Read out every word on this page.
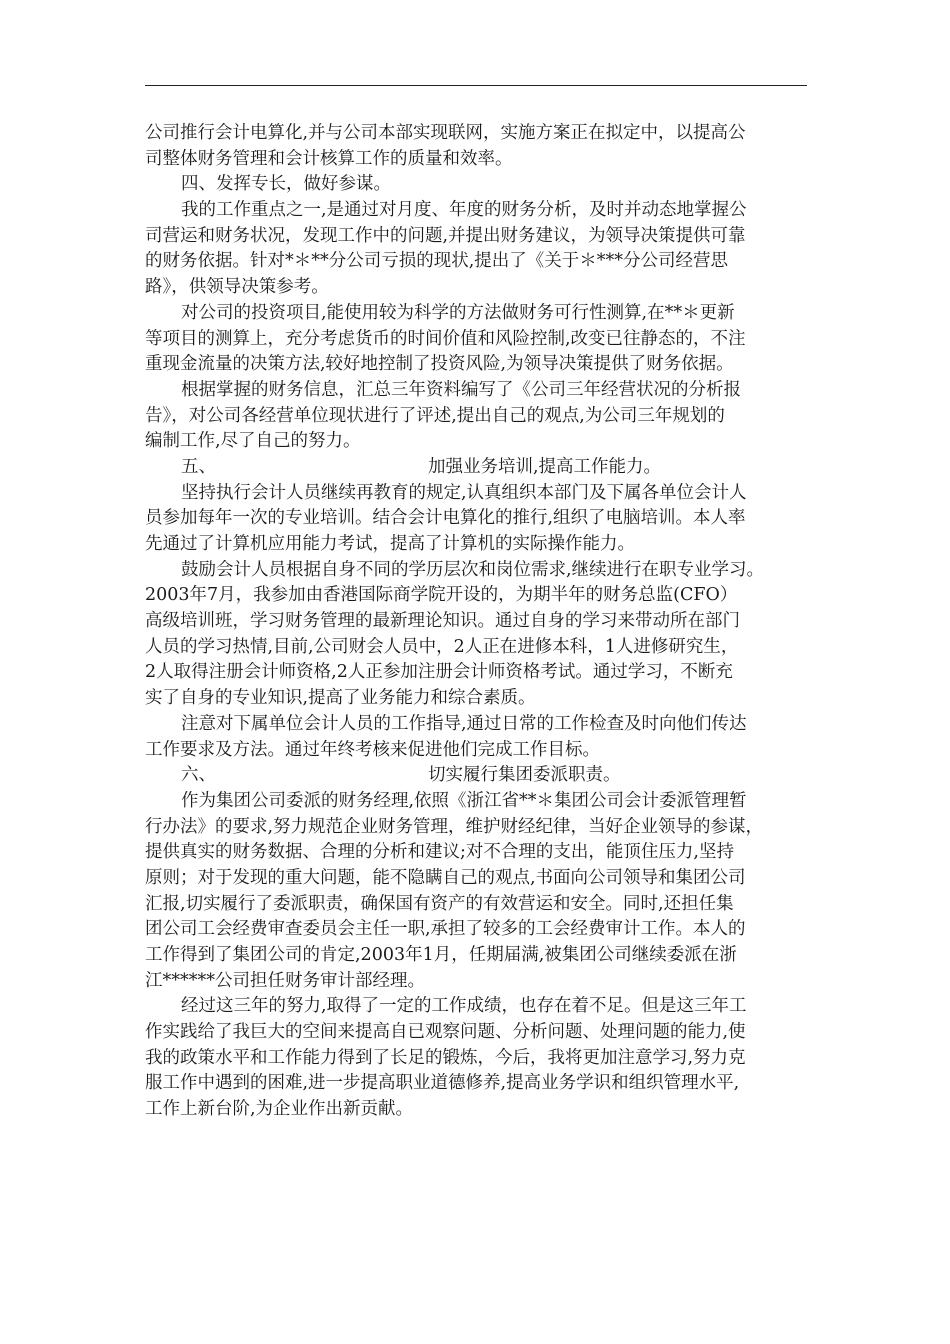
公司推行会计电算化,并与公司本部实现联网，实施方案正在拟定中，以提高公
司整体财务管理和会计核算工作的质量和效率。
四、发挥专长，做好参谋。
我的工作重点之一,是通过对月度、年度的财务分析，及时并动态地掌握公
司营运和财务状况，发现工作中的问题,并提出财务建议，为领导决策提供可靠
的财务依据。针对*＊**分公司亏损的现状,提出了《关于＊***分公司经营思
路》，供领导决策参考。
对公司的投资项目,能使用较为科学的方法做财务可行性测算,在**＊更新
等项目的测算上，充分考虑货币的时间价值和风险控制,改变已往静态的，不注
重现金流量的决策方法,较好地控制了投资风险,为领导决策提供了财务依据。
根据掌握的财务信息，汇总三年资料编写了《公司三年经营状况的分析报
告》，对公司各经营单位现状进行了评述,提出自己的观点,为公司三年规划的
编制工作,尽了自己的努力。
五、	加强业务培训,提高工作能力。
坚持执行会计人员继续再教育的规定,认真组织本部门及下属各单位会计人
员参加每年一次的专业培训。结合会计电算化的推行,组织了电脑培训。本人率
先通过了计算机应用能力考试，提高了计算机的实际操作能力。
鼓励会计人员根据自身不同的学历层次和岗位需求,继续进行在职专业学习。
2003年7月，我参加由香港国际商学院开设的，为期半年的财务总监(CFO）
高级培训班，学习财务管理的最新理论知识。通过自身的学习来带动所在部门
人员的学习热情,目前,公司财会人员中，2人正在进修本科，1人进修研究生，
2人取得注册会计师资格,2人正参加注册会计师资格考试。通过学习，不断充
实了自身的专业知识,提高了业务能力和综合素质。
注意对下属单位会计人员的工作指导,通过日常的工作检查及时向他们传达
工作要求及方法。通过年终考核来促进他们完成工作目标。
六、	切实履行集团委派职责。
作为集团公司委派的财务经理,依照《浙江省**＊集团公司会计委派管理暂
行办法》的要求,努力规范企业财务管理，维护财经纪律，当好企业领导的参谋，
提供真实的财务数据、合理的分析和建议;对不合理的支出，能顶住压力,坚持
原则；对于发现的重大问题，能不隐瞒自己的观点,书面向公司领导和集团公司
汇报,切实履行了委派职责，确保国有资产的有效营运和安全。同时,还担任集
团公司工会经费审查委员会主任一职,承担了较多的工会经费审计工作。本人的
工作得到了集团公司的肯定,2003年1月，任期届满,被集团公司继续委派在浙
江******公司担任财务审计部经理。
经过这三年的努力,取得了一定的工作成绩，也存在着不足。但是这三年工
作实践给了我巨大的空间来提高自已观察问题、分析问题、处理问题的能力,使
我的政策水平和工作能力得到了长足的锻炼，今后，我将更加注意学习,努力克
服工作中遇到的困难,进一步提高职业道德修养,提高业务学识和组织管理水平,
工作上新台阶,为企业作出新贡献。
